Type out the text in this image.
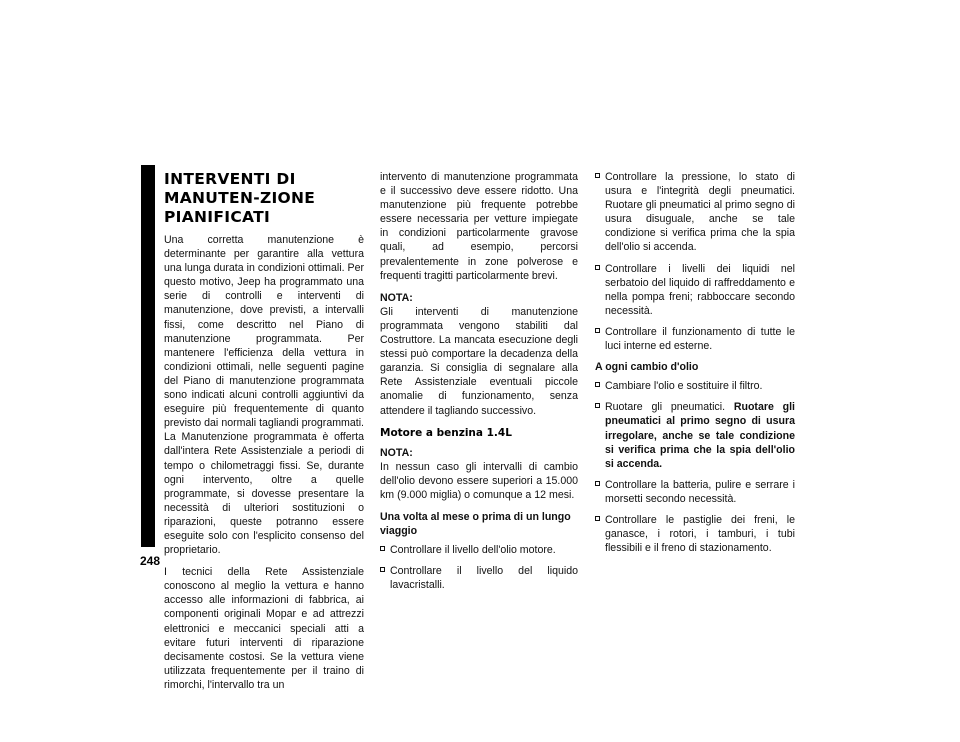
ASSISTENZA E MANUTENZIONE
248
INTERVENTI DI MANUTEN-ZIONE PIANIFICATI

Una corretta manutenzione è determinante per garantire alla vettura una lunga durata in condizioni ottimali. Per questo motivo, Jeep ha programmato una serie di controlli e interventi di manutenzione, dove previsti, a intervalli fissi, come descritto nel Piano di manutenzione programmata. Per mantenere l'efficienza della vettura in condizioni ottimali, nelle seguenti pagine del Piano di manutenzione programmata sono indicati alcuni controlli aggiuntivi da eseguire più frequentemente di quanto previsto dai normali tagliandi programmati. La Manutenzione programmata è offerta dall'intera Rete Assistenziale a periodi di tempo o chilometraggi fissi. Se, durante ogni intervento, oltre a quelle programmate, si dovesse presentare la necessità di ulteriori sostituzioni o riparazioni, queste potranno essere eseguite solo con l'esplicito consenso del proprietario.

I tecnici della Rete Assistenziale conoscono al meglio la vettura e hanno accesso alle informazioni di fabbrica, ai componenti originali Mopar e ad attrezzi elettronici e meccanici speciali atti a evitare futuri interventi di riparazione decisamente costosi. Se la vettura viene utilizzata frequentemente per il traino di rimorchi, l'intervallo tra un

intervento di manutenzione programmata e il successivo deve essere ridotto. Una manutenzione più frequente potrebbe essere necessaria per vetture impiegate in condizioni particolarmente gravose quali, ad esempio, percorsi prevalentemente in zone polverose e frequenti tragitti particolarmente brevi.

NOTA:

Gli interventi di manutenzione programmata vengono stabiliti dal Costruttore. La mancata esecuzione degli stessi può comportare la decadenza della garanzia. Si consiglia di segnalare alla Rete Assistenziale eventuali piccole anomalie di funzionamento, senza attendere il tagliando successivo.

Motore a benzina 1.4L
NOTA:

In nessun caso gli intervalli di cambio dell'olio devono essere superiori a 15.000 km (9.000 miglia) o comunque a 12 mesi.

Una volta al mese o prima di un lungo viaggio
Controllare il livello dell'olio motore.
Controllare il livello del liquido lavacristalli.
Controllare la pressione, lo stato di usura e l'integrità degli pneumatici. Ruotare gli pneumatici al primo segno di usura disuguale, anche se tale condizione si verifica prima che la spia dell'olio si accenda.
Controllare i livelli dei liquidi nel serbatoio del liquido di raffreddamento e nella pompa freni; rabboccare secondo necessità.
Controllare il funzionamento di tutte le luci interne ed esterne.
A ogni cambio d'olio
Cambiare l'olio e sostituire il filtro.
Ruotare gli pneumatici. Ruotare gli pneumatici al primo segno di usura irregolare, anche se tale condizione si verifica prima che la spia dell'olio si accenda.
Controllare la batteria, pulire e serrare i morsetti secondo necessità.
Controllare le pastiglie dei freni, le ganasce, i rotori, i tamburi, i tubi flessibili e il freno di stazionamento.
